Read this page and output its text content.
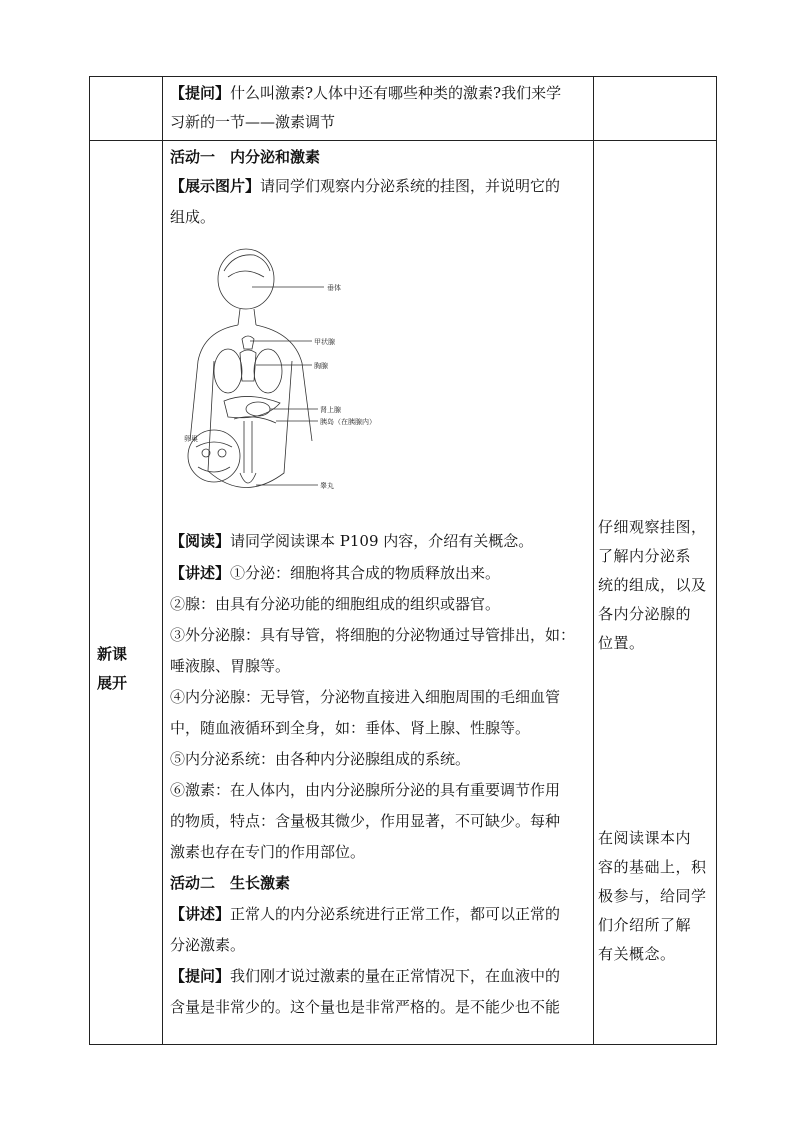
【提问】什么叫激素?人体中还有哪些种类的激素?我们来学
习新的一节——激素调节
新课
展开
活动一　内分泌和激素
【展示图片】请同学们观察内分泌系统的挂图，并说明它的
组成。
垂体
甲状腺
胸腺
肾上腺
胰岛（在胰腺内）
卵巢
睾丸
【阅读】请同学阅读课本 P109 内容，介绍有关概念。
【讲述】①分泌：细胞将其合成的物质释放出来。
②腺：由具有分泌功能的细胞组成的组织或器官。
③外分泌腺：具有导管，将细胞的分泌物通过导管排出，如：
唾液腺、胃腺等。
④内分泌腺：无导管，分泌物直接进入细胞周围的毛细血管
中，随血液循环到全身，如：垂体、肾上腺、性腺等。
⑤内分泌系统：由各种内分泌腺组成的系统。
⑥激素：在人体内，由内分泌腺所分泌的具有重要调节作用
的物质，特点：含量极其微少，作用显著，不可缺少。每种
激素也存在专门的作用部位。
活动二　生长激素
【讲述】正常人的内分泌系统进行正常工作，都可以正常的
分泌激素。
【提问】我们刚才说过激素的量在正常情况下，在血液中的
含量是非常少的。这个量也是非常严格的。是不能少也不能
仔细观察挂图，
了解内分泌系
统的组成，以及
各内分泌腺的
位置。
在阅读课本内
容的基础上，积
极参与，给同学
们介绍所了解
有关概念。
